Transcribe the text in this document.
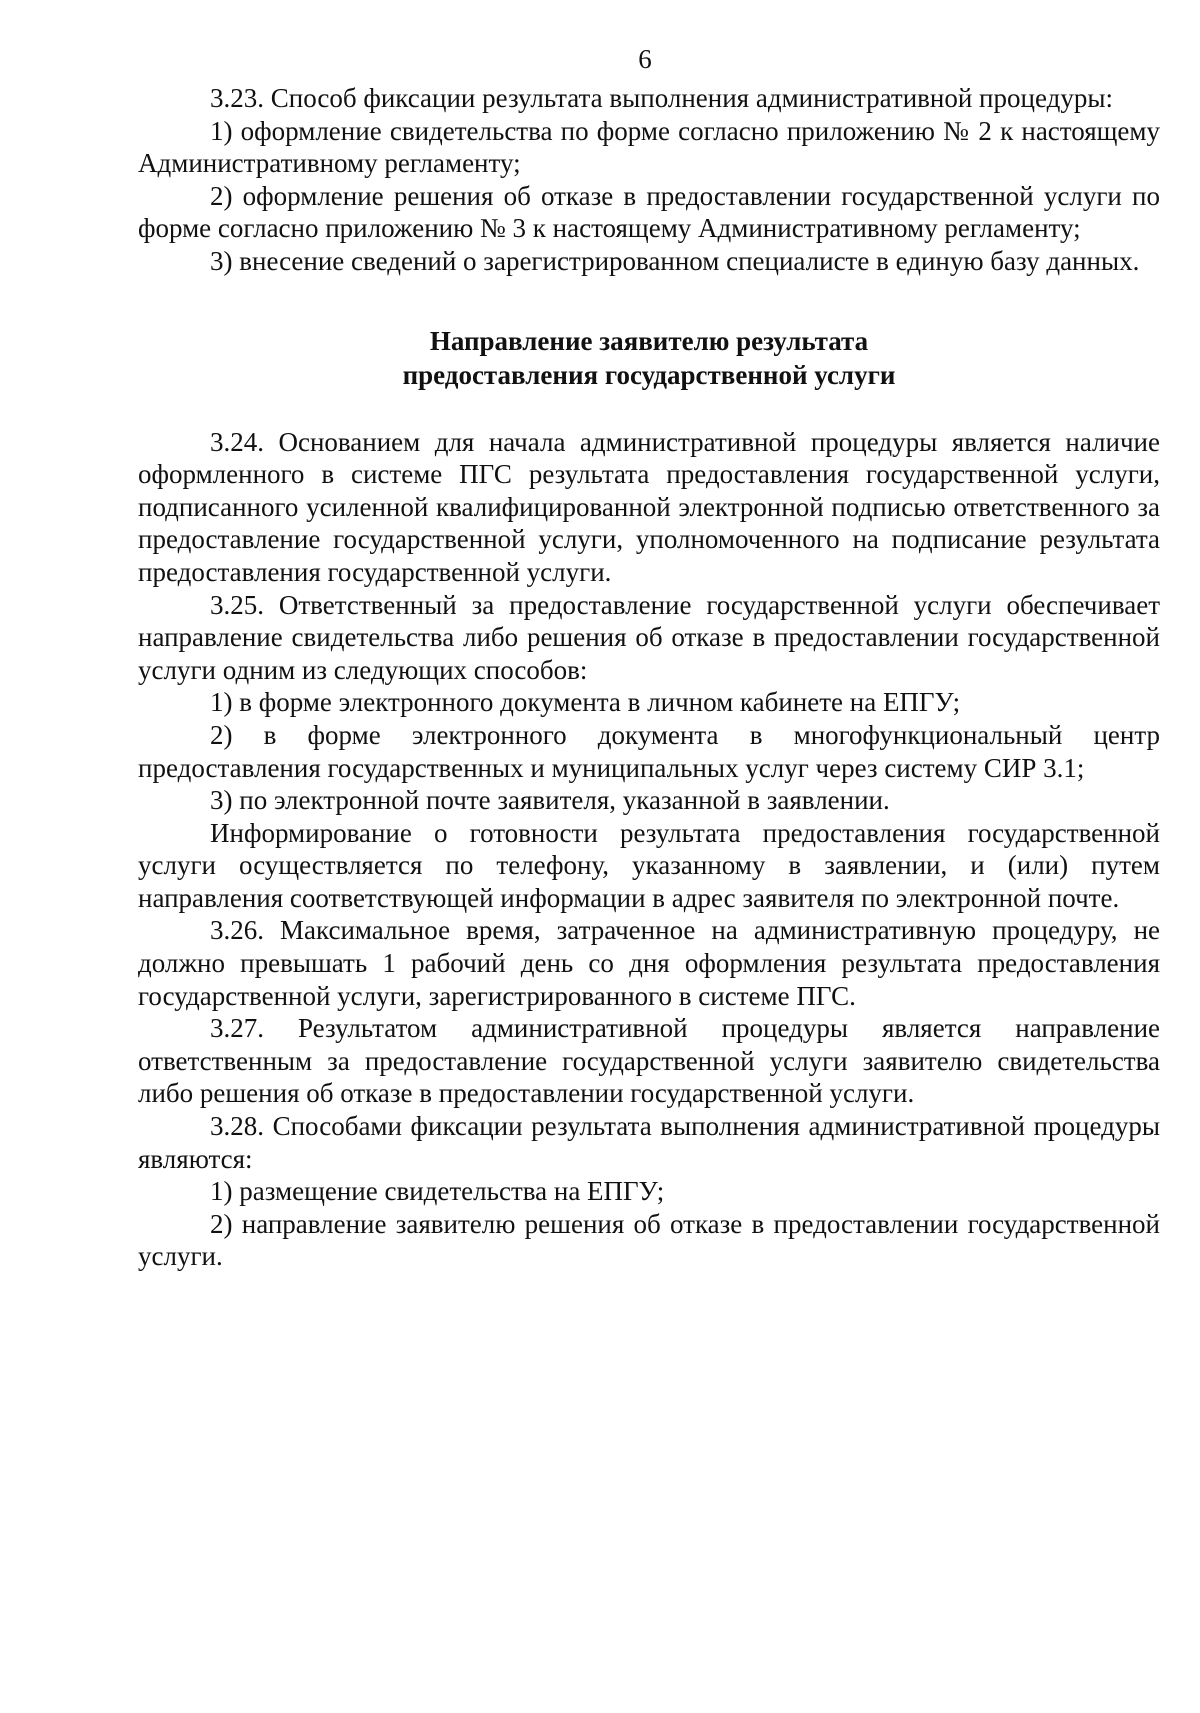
6

3.23. Способ фиксации результата выполнения административной процедуры:

1) оформление свидетельства по форме согласно приложению № 2 к настоящему Административному регламенту;

2) оформление решения об отказе в предоставлении государственной услуги по форме согласно приложению № 3 к настоящему Административному регламенту;

3) внесение сведений о зарегистрированном специалисте в единую базу данных.

Направление заявителю результата
предоставления государственной услуги

3.24. Основанием для начала административной процедуры является наличие оформленного в системе ПГС результата предоставления государственной услуги, подписанного усиленной квалифицированной электронной подписью ответственного за предоставление государственной услуги, уполномоченного на подписание результата предоставления государственной услуги.

3.25. Ответственный за предоставление государственной услуги обеспечивает направление свидетельства либо решения об отказе в предоставлении государственной услуги одним из следующих способов:

1) в форме электронного документа в личном кабинете на ЕПГУ;

2) в форме электронного документа в многофункциональный центр предоставления государственных и муниципальных услуг через систему СИР 3.1;

3) по электронной почте заявителя, указанной в заявлении.

Информирование о готовности результата предоставления государственной услуги осуществляется по телефону, указанному в заявлении, и (или) путем направления соответствующей информации в адрес заявителя по электронной почте.

3.26. Максимальное время, затраченное на административную процедуру, не должно превышать 1 рабочий день со дня оформления результата предоставления государственной услуги, зарегистрированного в системе ПГС.

3.27. Результатом административной процедуры является направление ответственным за предоставление государственной услуги заявителю свидетельства либо решения об отказе в предоставлении государственной услуги.

3.28. Способами фиксации результата выполнения административной процедуры являются:

1) размещение свидетельства на ЕПГУ;

2) направление заявителю решения об отказе в предоставлении государственной услуги.
